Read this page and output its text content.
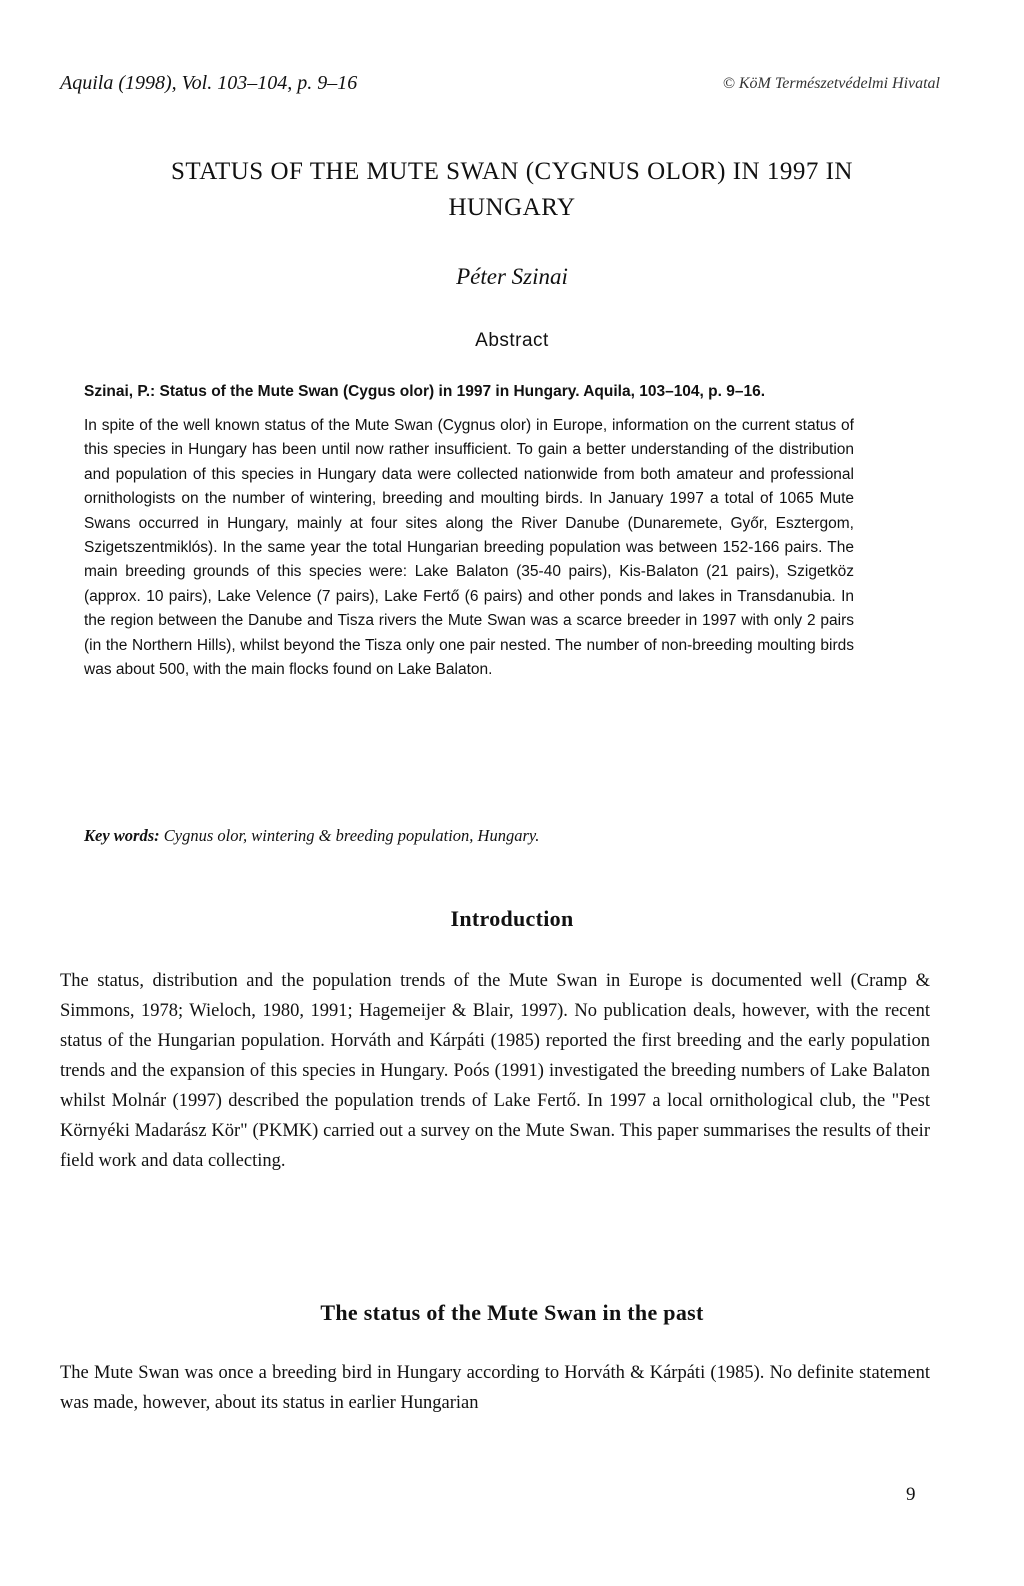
Aquila (1998), Vol. 103–104, p. 9–16	© KöM Természetvédelmi Hivatal
STATUS OF THE MUTE SWAN (CYGNUS OLOR) IN 1997 IN
HUNGARY
Péter Szinai
Abstract

Szinai, P.: Status of the Mute Swan (Cygus olor) in 1997 in Hungary. Aquila, 103–104, p. 9–16.

In spite of the well known status of the Mute Swan (Cygnus olor) in Europe, information on the current status of this species in Hungary has been until now rather insufficient. To gain a better understanding of the distribution and population of this species in Hungary data were collected nationwide from both amateur and professional ornithologists on the number of wintering, breeding and moulting birds. In January 1997 a total of 1065 Mute Swans occurred in Hungary, mainly at four sites along the River Danube (Dunaremete, Győr, Esztergom, Szigetszentmiklós). In the same year the total Hungarian breeding population was between 152-166 pairs. The main breeding grounds of this species were: Lake Balaton (35-40 pairs), Kis-Balaton (21 pairs), Szigetköz (approx. 10 pairs), Lake Velence (7 pairs), Lake Fertő (6 pairs) and other ponds and lakes in Transdanubia. In the region between the Danube and Tisza rivers the Mute Swan was a scarce breeder in 1997 with only 2 pairs (in the Northern Hills), whilst beyond the Tisza only one pair nested. The number of non-breeding moulting birds was about 500, with the main flocks found on Lake Balaton.

Key words: Cygnus olor, wintering & breeding population, Hungary.
Introduction

The status, distribution and the population trends of the Mute Swan in Europe is documented well (Cramp & Simmons, 1978; Wieloch, 1980, 1991; Hagemeijer & Blair, 1997). No publication deals, however, with the recent status of the Hungarian population. Horváth and Kárpáti (1985) reported the first breeding and the early population trends and the expansion of this species in Hungary. Poós (1991) investigated the breeding numbers of Lake Balaton whilst Molnár (1997) described the population trends of Lake Fertő. In 1997 a local ornithological club, the "Pest Környéki Madarász Kör" (PKMK) carried out a survey on the Mute Swan. This paper summarises the results of their field work and data collecting.

The status of the Mute Swan in the past

The Mute Swan was once a breeding bird in Hungary according to Horváth & Kárpáti (1985). No definite statement was made, however, about its status in earlier Hungarian

9
